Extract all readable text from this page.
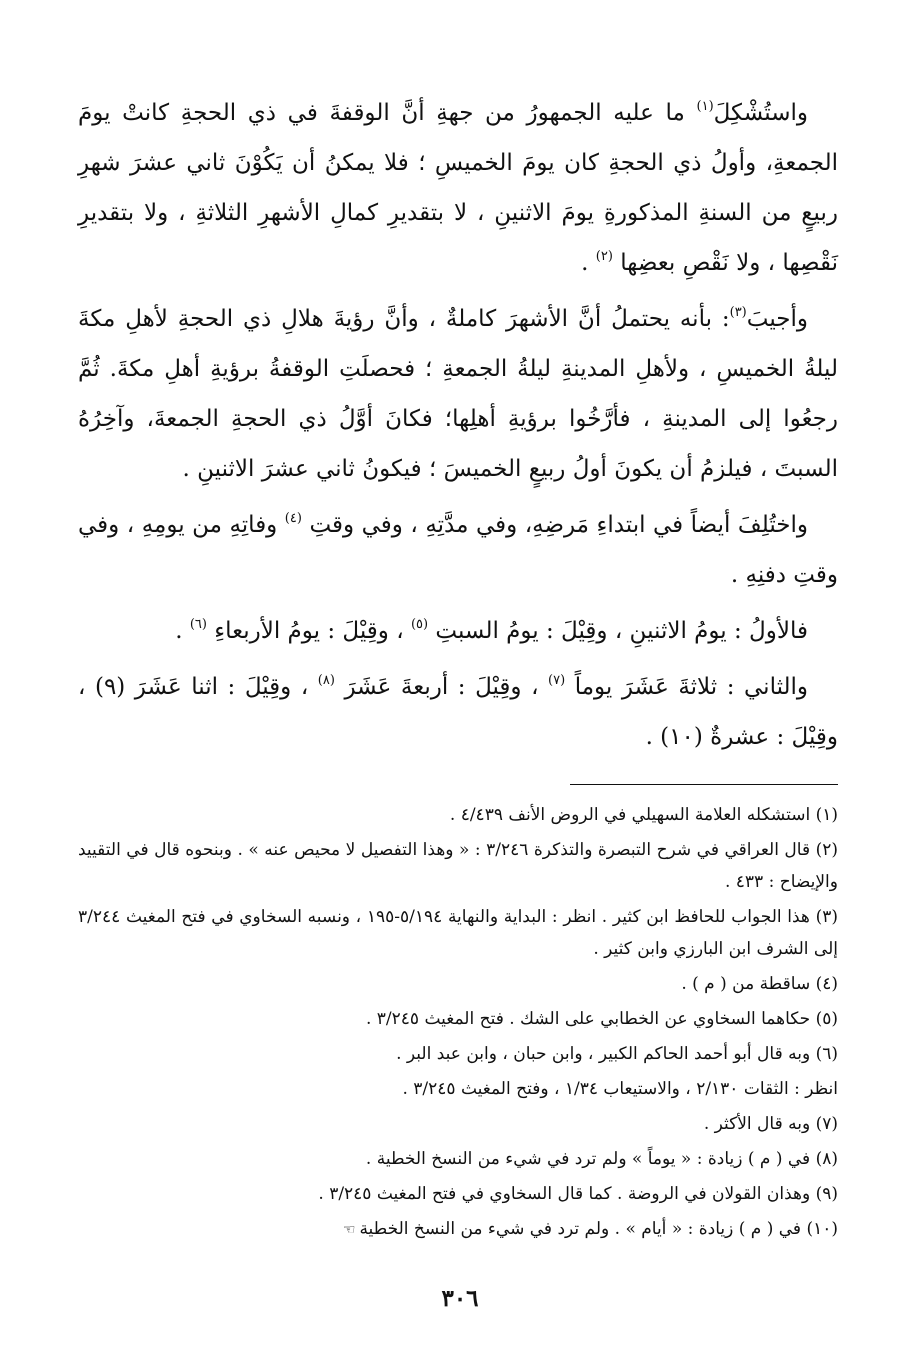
واستُشْكِلَ$^{(١)}$ ما عليه الجمهورُ من جهةِ أنَّ الوقفةَ في ذي الحجةِ كانتْ يومَ الجمعةِ، وأولُ ذي الحجةِ كان يومَ الخميسِ ؛ فلا يمكنُ أن يَكُوْنَ ثاني عشرَ شهرِ ربيعٍ من السنةِ المذكورةِ يومَ الاثنينِ ، لا بتقديرِ كمالِ الأشهرِ الثلاثةِ ، ولا بتقديرِ نَقْصِها ، ولا نَقْصِ بعضِها $^{(٢)}$ .

وأجيبَ$^{(٣)}$: بأنه يحتملُ أنَّ الأشهرَ كاملةٌ ، وأنَّ رؤيةَ هلالِ ذي الحجةِ لأهلِ مكةَ ليلةُ الخميسِ ، ولأهلِ المدينةِ ليلةُ الجمعةِ ؛ فحصلَتِ الوقفةُ برؤيةِ أهلِ مكةَ. ثُمَّ رجعُوا إلى المدينةِ ، فأرَّخُوا برؤيةِ أهلِها؛ فكانَ أوَّلُ ذي الحجةِ الجمعةَ، وآخِرُهُ السبتَ ، فيلزمُ أن يكونَ أولُ ربيعٍ الخميسَ ؛ فيكونُ ثاني عشرَ الاثنينِ .

واختُلِفَ أيضاً في ابتداءِ مَرضِهِ، وفي مدَّتِهِ ، وفي وقتِ $^{(٤)}$ وفاتِهِ من يومِهِ ، وفي وقتِ دفنِهِ .

فالأولُ : يومُ الاثنينِ ، وقِيْلَ : يومُ السبتِ $^{(٥)}$ ، وقِيْلَ : يومُ الأربعاءِ $^{(٦)}$ .

والثاني : ثلاثةَ عَشَرَ يوماً $^{(٧)}$ ، وقِيْلَ : أربعةَ عَشَرَ $^{(٨)}$ ، وقِيْلَ : اثنا عَشَرَ (٩) ، وقِيْلَ : عشرةٌ (١٠) .

(١) استشكله العلامة السهيلي في الروض الأنف ٤/٤٣٩ .

(٢) قال العراقي في شرح التبصرة والتذكرة ٣/٢٤٦ : « وهذا التفصيل لا محيص عنه » . وبنحوه قال في التقييد والإيضاح : ٤٣٣ .

(٣) هذا الجواب للحافظ ابن كثير . انظر : البداية والنهاية ٥/١٩٤-١٩٥ ، ونسبه السخاوي في فتح المغيث ٣/٢٤٤ إلى الشرف ابن البارزي وابن كثير .

(٤) ساقطة من ( م ) .

(٥) حكاهما السخاوي عن الخطابي على الشك . فتح المغيث ٣/٢٤٥ .

(٦) وبه قال أبو أحمد الحاكم الكبير ، وابن حبان ، وابن عبد البر .

انظر : الثقات ٢/١٣٠ ، والاستيعاب ١/٣٤ ، وفتح المغيث ٣/٢٤٥ .

(٧) وبه قال الأكثر .

(٨) في ( م ) زيادة : « يوماً » ولم ترد في شيء من النسخ الخطية .

(٩) وهذان القولان في الروضة . كما قال السخاوي في فتح المغيث ٣/٢٤٥ .

(١٠) في ( م ) زيادة : « أيام » . ولم ترد في شيء من النسخ الخطية☜

٣٠٦
